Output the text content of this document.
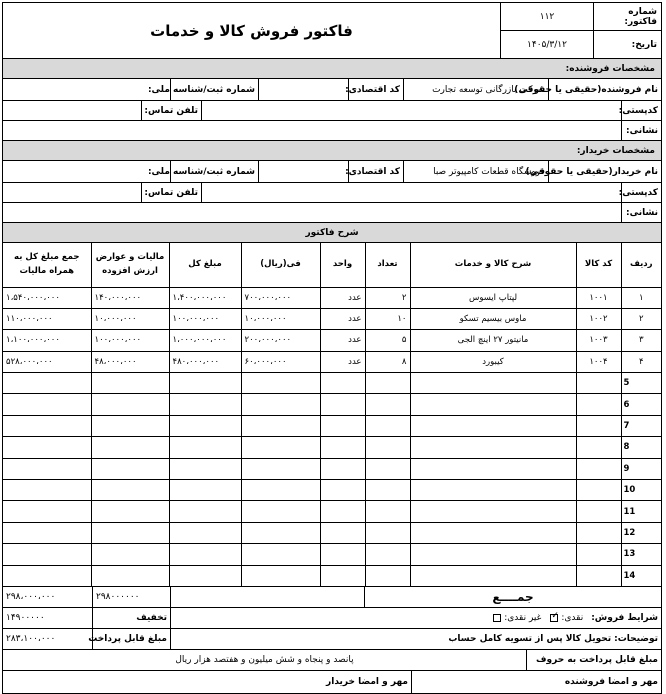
شماره فاکتور:
۱۱۲
تاریخ:
۱۴۰۵/۳/۱۲
فاکتور فروش کالا و خدمات
مشخصات فروشنده:
نام فروشنده(حقیقی یا حقوقی)
شرکت بازرگانی توسعه تجارت
کد اقتصادی:
شماره ثبت/شناسه ملی:
کدپستی:
تلفن تماس:
نشانی:
مشخصات خریدار:
نام خریدار(حقیقی یا حقوقی)
فروشگاه قطعات کامپیوتر صبا
کد اقتصادی:
شماره ثبت/شناسه ملی:
کدپستی:
تلفن تماس:
نشانی:
شرح فاکتور
ردیف	کد کالا	شرح کالا و خدمات	تعداد	واحد	فی(ریال)	مبلغ کل	مالیات و عوارض ارزش افزوده	جمع مبلغ کل به همراه مالیات
۱	۱۰۰۱	لپتاپ ایسوس	۲	عدد	۷۰۰،۰۰۰،۰۰۰	۱،۴۰۰،۰۰۰،۰۰۰	۱۴۰،۰۰۰،۰۰۰	۱،۵۴۰،۰۰۰،۰۰۰
۲	۱۰۰۲	ماوس بیسیم تسکو	۱۰	عدد	۱۰،۰۰۰،۰۰۰	۱۰۰،۰۰۰،۰۰۰	۱۰،۰۰۰،۰۰۰	۱۱۰،۰۰۰،۰۰۰
۳	۱۰۰۳	مانیتور ۲۷ اینچ الجی	۵	عدد	۲۰۰،۰۰۰،۰۰۰	۱،۰۰۰،۰۰۰،۰۰۰	۱۰۰،۰۰۰،۰۰۰	۱،۱۰۰،۰۰۰،۰۰۰
۴	۱۰۰۴	کیبورد	۸	عدد	۶۰،۰۰۰،۰۰۰	۴۸۰،۰۰۰،۰۰۰	۴۸،۰۰۰،۰۰۰	۵۲۸،۰۰۰،۰۰۰
5								
6								
7								
8								
9								
10								
11								
12								
13								
14								
جمــــع
۲۹۸۰۰۰۰۰۰
۲۹۸،۰۰۰،۰۰۰
شرایط فروش:
نقدی:
✓
غیر نقدی:
تخفیف
۱۴۹۰۰۰۰۰
توضیحات:
تحویل کالا پس از تسویه کامل حساب
مبلغ قابل پرداخت
۲۸۳،۱۰۰،۰۰۰
مبلغ قابل پرداخت به حروف
پانصد و پنجاه و شش میلیون و هفتصد هزار ریال
مهر و امضا فروشنده
مهر و امضا خریدار
